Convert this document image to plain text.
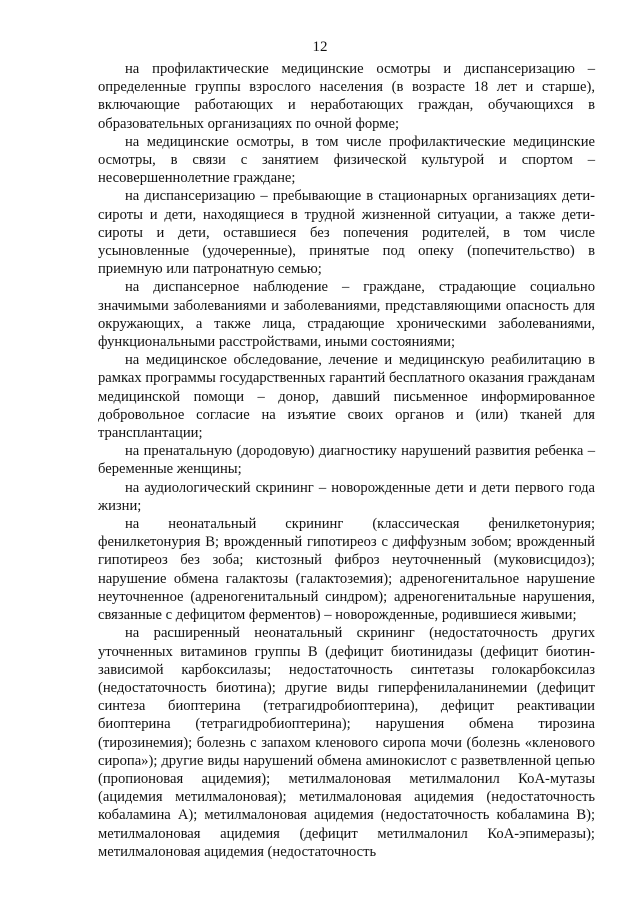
12

на профилактические медицинские осмотры и диспансеризацию – определенные группы взрослого населения (в возрасте 18 лет и старше), включающие работающих и неработающих граждан, обучающихся в образовательных организациях по очной форме;

на медицинские осмотры, в том числе профилактические медицинские осмотры, в связи с занятием физической культурой и спортом – несовершеннолетние граждане;

на диспансеризацию – пребывающие в стационарных организациях дети-сироты и дети, находящиеся в трудной жизненной ситуации, а также дети-сироты и дети, оставшиеся без попечения родителей, в том числе усыновленные (удочеренные), принятые под опеку (попечительство) в приемную или патронатную семью;

на диспансерное наблюдение – граждане, страдающие социально значимыми заболеваниями и заболеваниями, представляющими опасность для окружающих, а также лица, страдающие хроническими заболеваниями, функциональными расстройствами, иными состояниями;

на медицинское обследование, лечение и медицинскую реабилитацию в рамках программы государственных гарантий бесплатного оказания гражданам медицинской помощи – донор, давший письменное информированное добровольное согласие на изъятие своих органов и (или) тканей для трансплантации;

на пренатальную (дородовую) диагностику нарушений развития ребенка – беременные женщины;

на аудиологический скрининг – новорожденные дети и дети первого года жизни;

на неонатальный скрининг (классическая фенилкетонурия; фенилкетонурия В; врожденный гипотиреоз с диффузным зобом; врожденный гипотиреоз без зоба; кистозный фиброз неуточненный (муковисцидоз); нарушение обмена галактозы (галактоземия); адреногенитальное нарушение неуточненное (адреногенитальный синдром); адреногенитальные нарушения, связанные с дефицитом ферментов) – новорожденные, родившиеся живыми;

на расширенный неонатальный скрининг (недостаточность других уточненных витаминов группы В (дефицит биотинидазы (дефицит биотин-зависимой карбоксилазы; недостаточность синтетазы голокарбоксилаз (недостаточность биотина); другие виды гиперфенилаланинемии (дефицит синтеза биоптерина (тетрагидробиоптерина), дефицит реактивации биоптерина (тетрагидробиоптерина); нарушения обмена тирозина (тирозинемия); болезнь с запахом кленового сиропа мочи (болезнь «кленового сиропа»); другие виды нарушений обмена аминокислот с разветвленной цепью (пропионовая ацидемия); метилмалоновая метилмалонил КоА-мутазы (ацидемия метилмалоновая); метилмалоновая ацидемия (недостаточность кобаламина А); метилмалоновая ацидемия (недостаточность кобаламина В); метилмалоновая ацидемия (дефицит метилмалонил КоА-эпимеразы); метилмалоновая ацидемия (недостаточность
